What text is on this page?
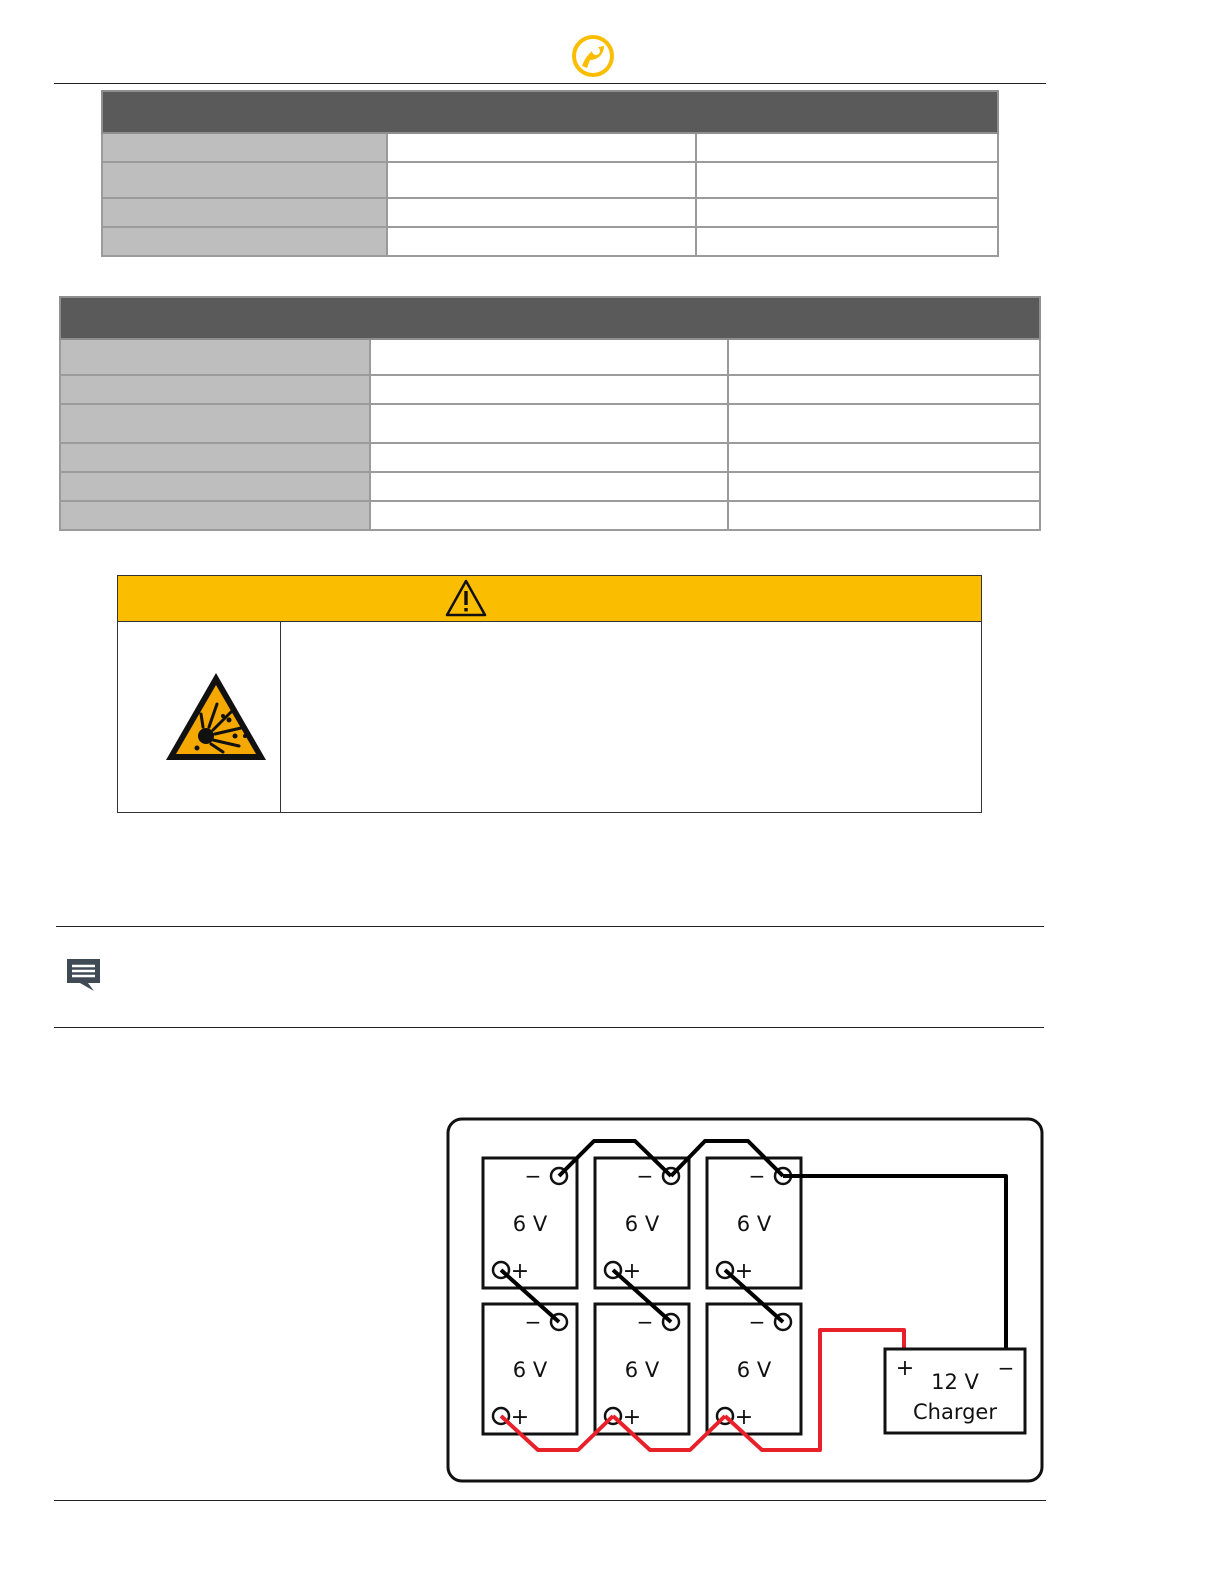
−
6 V
+
−
6 V
+
−
6 V
+
−
6 V
+
−
6 V
+
−
6 V
+
+	−
12 V
Charger
